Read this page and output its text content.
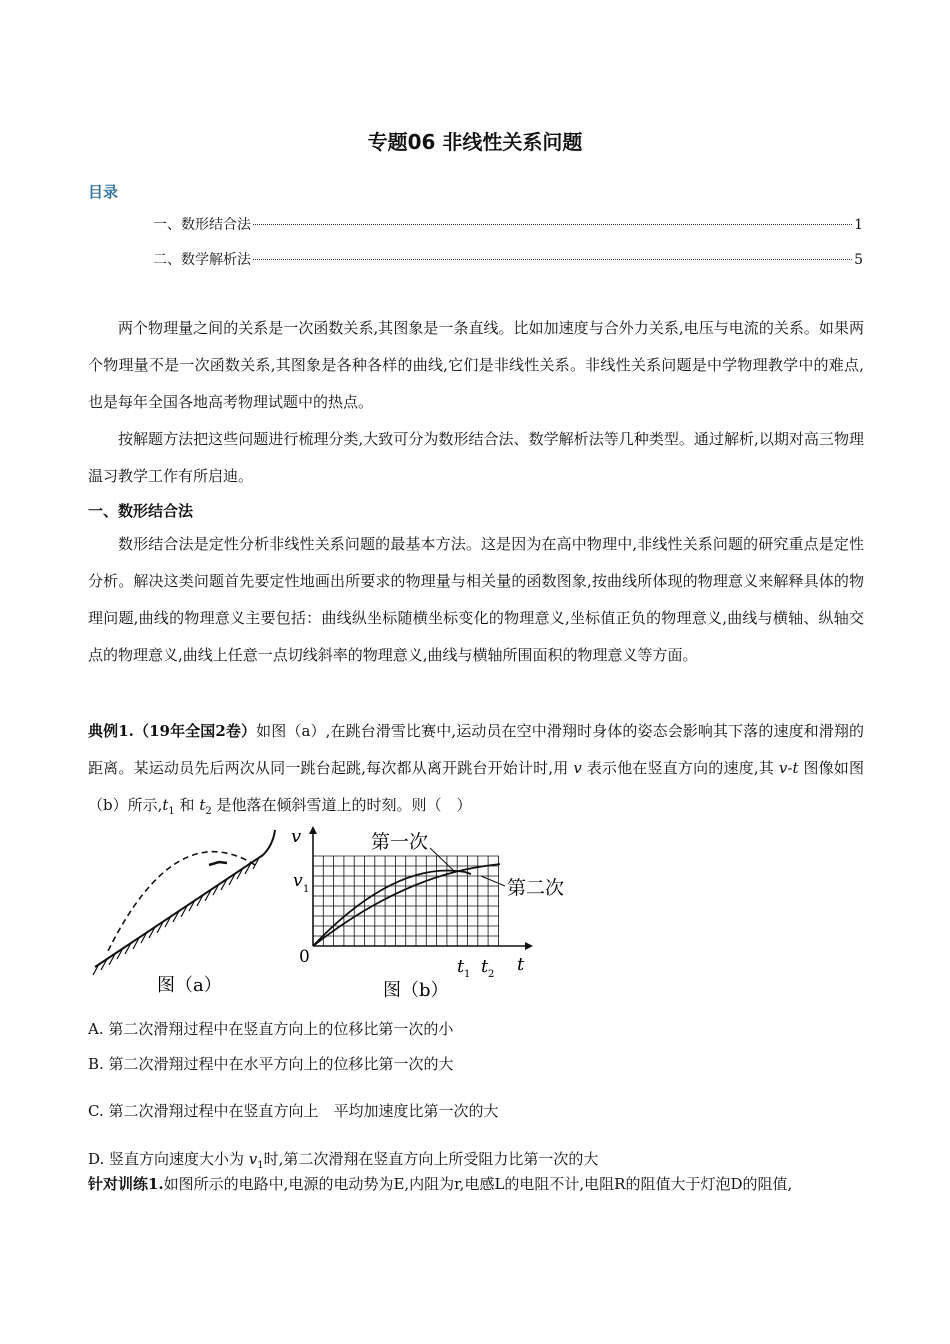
专题06 非线性关系问题
目录
一、数形结合法	1
二、数学解析法	5
两个物理量之间的关系是一次函数关系,其图象是一条直线。比如加速度与合外力关系,电压与电流的关系。如果两个物理量不是一次函数关系,其图象是各种各样的曲线,它们是非线性关系。非线性关系问题是中学物理教学中的难点,也是每年全国各地高考物理试题中的热点。
按解题方法把这些问题进行梳理分类,大致可分为数形结合法、数学解析法等几种类型。通过解析,以期对高三物理温习教学工作有所启迪。
一、数形结合法
数形结合法是定性分析非线性关系问题的最基本方法。这是因为在高中物理中,非线性关系问题的研究重点是定性分析。解决这类问题首先要定性地画出所要求的物理量与相关量的函数图象,按曲线所体现的物理意义来解释具体的物理问题,曲线的物理意义主要包括：曲线纵坐标随横坐标变化的物理意义,坐标值正负的物理意义,曲线与横轴、纵轴交点的物理意义,曲线上任意一点切线斜率的物理意义,曲线与横轴所围面积的物理意义等方面。
典例1.（19年全国2卷）如图（a）,在跳台滑雪比赛中,运动员在空中滑翔时身体的姿态会影响其下落的速度和滑翔的距离。某运动员先后两次从同一跳台起跳,每次都从离开跳台开始计时,用 v 表示他在竖直方向的速度,其 v-t 图像如图（b）所示$,t_1$ 和 $t_2$ 是他落在倾斜雪道上的时刻。则（　）
图（a）
第一次
第二次
v
v 1
0	t 1 t 2 t
图（b）
A. 第二次滑翔过程中在竖直方向上的位移比第一次的小
B. 第二次滑翔过程中在水平方向上的位移比第一次的大
C. 第二次滑翔过程中在竖直方向上　平均加速度比第一次的大
D. 竖直方向速度大小为 $v_1$时,第二次滑翔在竖直方向上所受阻力比第一次的大
针对训练1.如图所示的电路中,电源的电动势为E,内阻为r,电感L的电阻不计,电阻R的阻值大于灯泡D的阻值,
